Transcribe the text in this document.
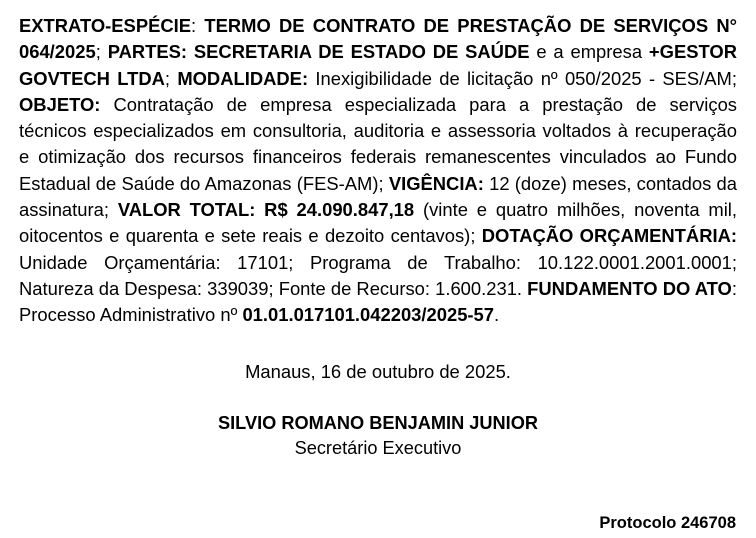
EXTRATO-ESPÉCIE: TERMO DE CONTRATO DE PRESTAÇÃO DE SERVIÇOS N° 064/2025; PARTES: SECRETARIA DE ESTADO DE SAÚDE e a empresa +GESTOR GOVTECH LTDA; MODALIDADE: Inexigibilidade de licitação nº 050/2025 - SES/AM; OBJETO: Contratação de empresa especializada para a prestação de serviços técnicos especializados em consultoria, auditoria e assessoria voltados à recuperação e otimização dos recursos financeiros federais remanescentes vinculados ao Fundo Estadual de Saúde do Amazonas (FES-AM); VIGÊNCIA: 12 (doze) meses, contados da assinatura; VALOR TOTAL: R$ 24.090.847,18 (vinte e quatro milhões, noventa mil, oitocentos e quarenta e sete reais e dezoito centavos); DOTAÇÃO ORÇAMENTÁRIA: Unidade Orçamentária: 17101; Programa de Trabalho: 10.122.0001.2001.0001; Natureza da Despesa: 339039; Fonte de Recurso: 1.600.231. FUNDAMENTO DO ATO: Processo Administrativo nº 01.01.017101.042203/2025-57.

Manaus, 16 de outubro de 2025.
SILVIO ROMANO BENJAMIN JUNIOR
Secretário Executivo
Protocolo 246708
